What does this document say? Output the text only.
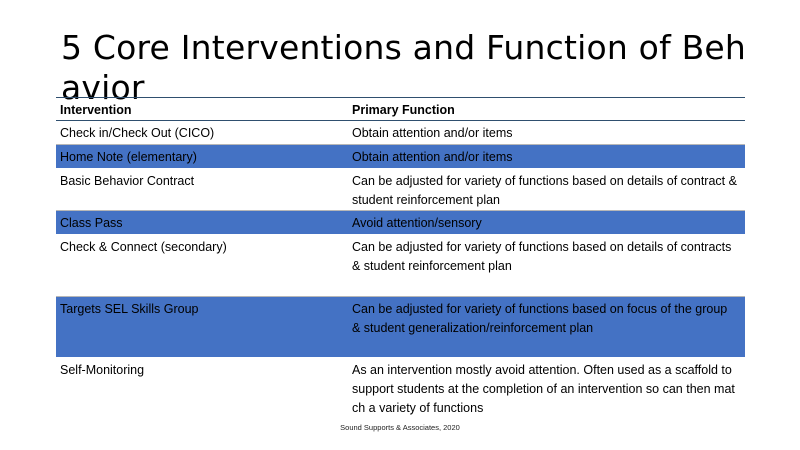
5 Core Interventions and Function of Behavior
Intervention	Primary Function
Check in/Check Out (CICO)	Obtain attention and/or items
Home Note (elementary)	Obtain attention and/or items
Basic Behavior Contract	Can be adjusted for variety of functions based on details of contract & student reinforcement plan
Class Pass	Avoid attention/sensory
Check & Connect (secondary)	Can be adjusted for variety of functions based on details of contracts & student reinforcement plan
Targets SEL Skills Group	Can be adjusted for variety of functions based on focus of the group & student generalization/reinforcement plan
Self-Monitoring	As an intervention mostly avoid attention. Often used as a scaffold to support students at the completion of an intervention so can then match a variety of functions
Sound Supports & Associates, 2020
